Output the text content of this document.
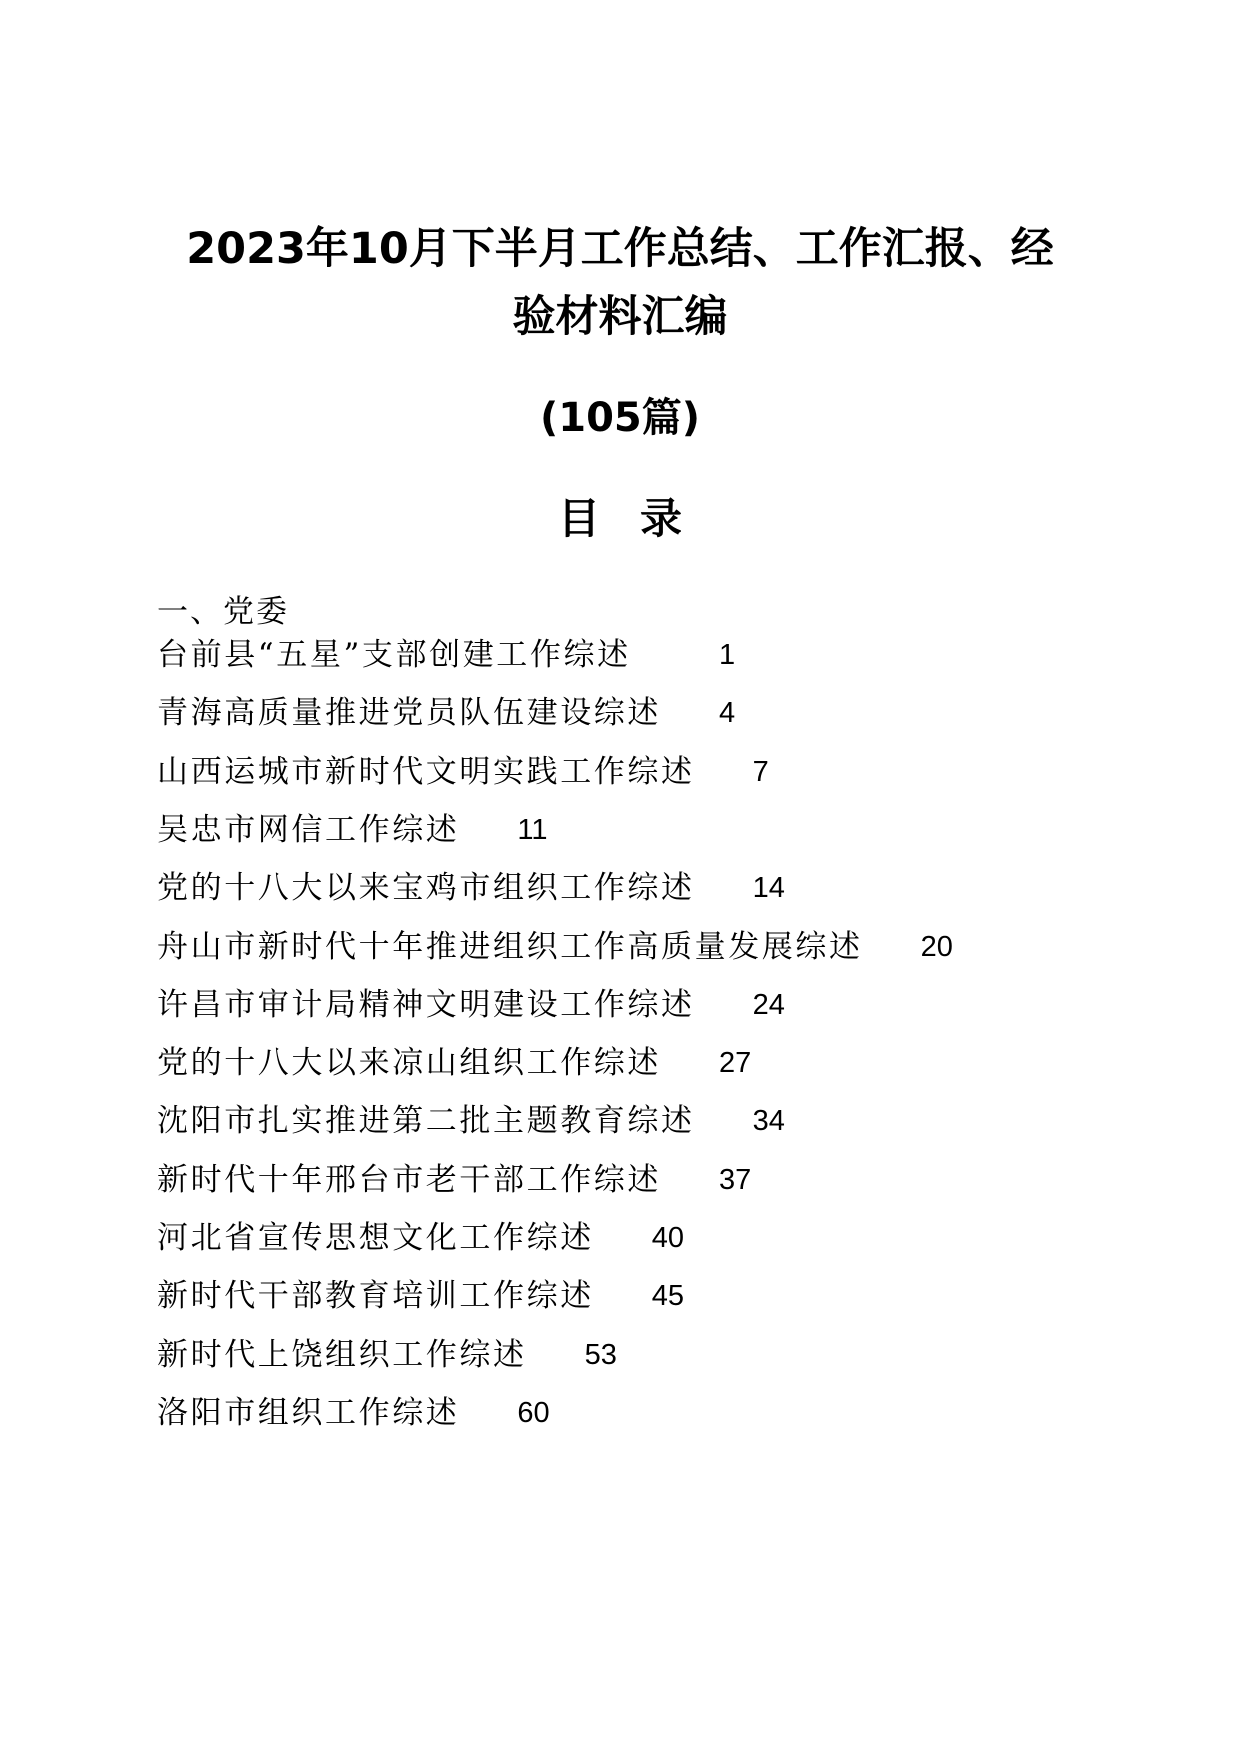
2023年10月下半月工作总结、工作汇报、经
验材料汇编
(105篇)
目录
一、党委
台前县“五星”支部创建工作综述	1
青海高质量推进党员队伍建设综述 4
山西运城市新时代文明实践工作综述 7
吴忠市网信工作综述 11
党的十八大以来宝鸡市组织工作综述 14
舟山市新时代十年推进组织工作高质量发展综述 20
许昌市审计局精神文明建设工作综述 24
党的十八大以来凉山组织工作综述 27
沈阳市扎实推进第二批主题教育综述 34
新时代十年邢台市老干部工作综述 37
河北省宣传思想文化工作综述 40
新时代干部教育培训工作综述 45
新时代上饶组织工作综述 53
洛阳市组织工作综述 60
